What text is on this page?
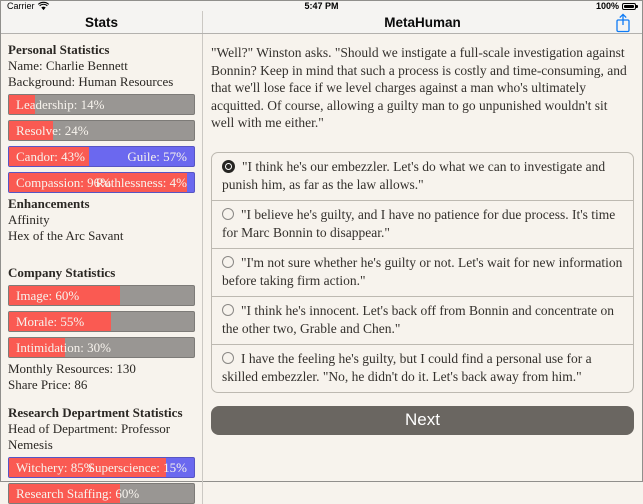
Carrier	5:47 PM	100%
Stats	MetaHuman
Personal Statistics
Name: Charlie Bennett
Background: Human Resources
Leadership: 14%
Resolve: 24%
Candor: 43%	Guile: 57%
Compassion: 96%
Ruthlessness: 4%
Enhancements
Affinity
Hex of the Arc Savant
Company Statistics
Image: 60%
Morale: 55%
Intimidation: 30%
Monthly Resources: 130
Share Price: 86
Research Department Statistics
Head of Department: Professor Nemesis
Witchery: 85%
Superscience: 15%
Research Staffing: 60%

"Well?" Winston asks. "Should we instigate a full-scale investigation against Bonnin? Keep in mind that such a process is costly and time-consuming, and that we'll lose face if we level charges against a man who's ultimately acquitted. Of course, allowing a guilty man to go unpunished wouldn't sit well with me either."

"I think he's our embezzler. Let's do what we can to investigate and punish him, as far as the law allows."
"I believe he's guilty, and I have no patience for due process. It's time for Marc Bonnin to disappear."
"I'm not sure whether he's guilty or not. Let's wait for new information before taking firm action."
"I think he's innocent. Let's back off from Bonnin and concentrate on the other two, Grable and Chen."
I have the feeling he's guilty, but I could find a personal use for a skilled embezzler. "No, he didn't do it. Let's back away from him."
Next
